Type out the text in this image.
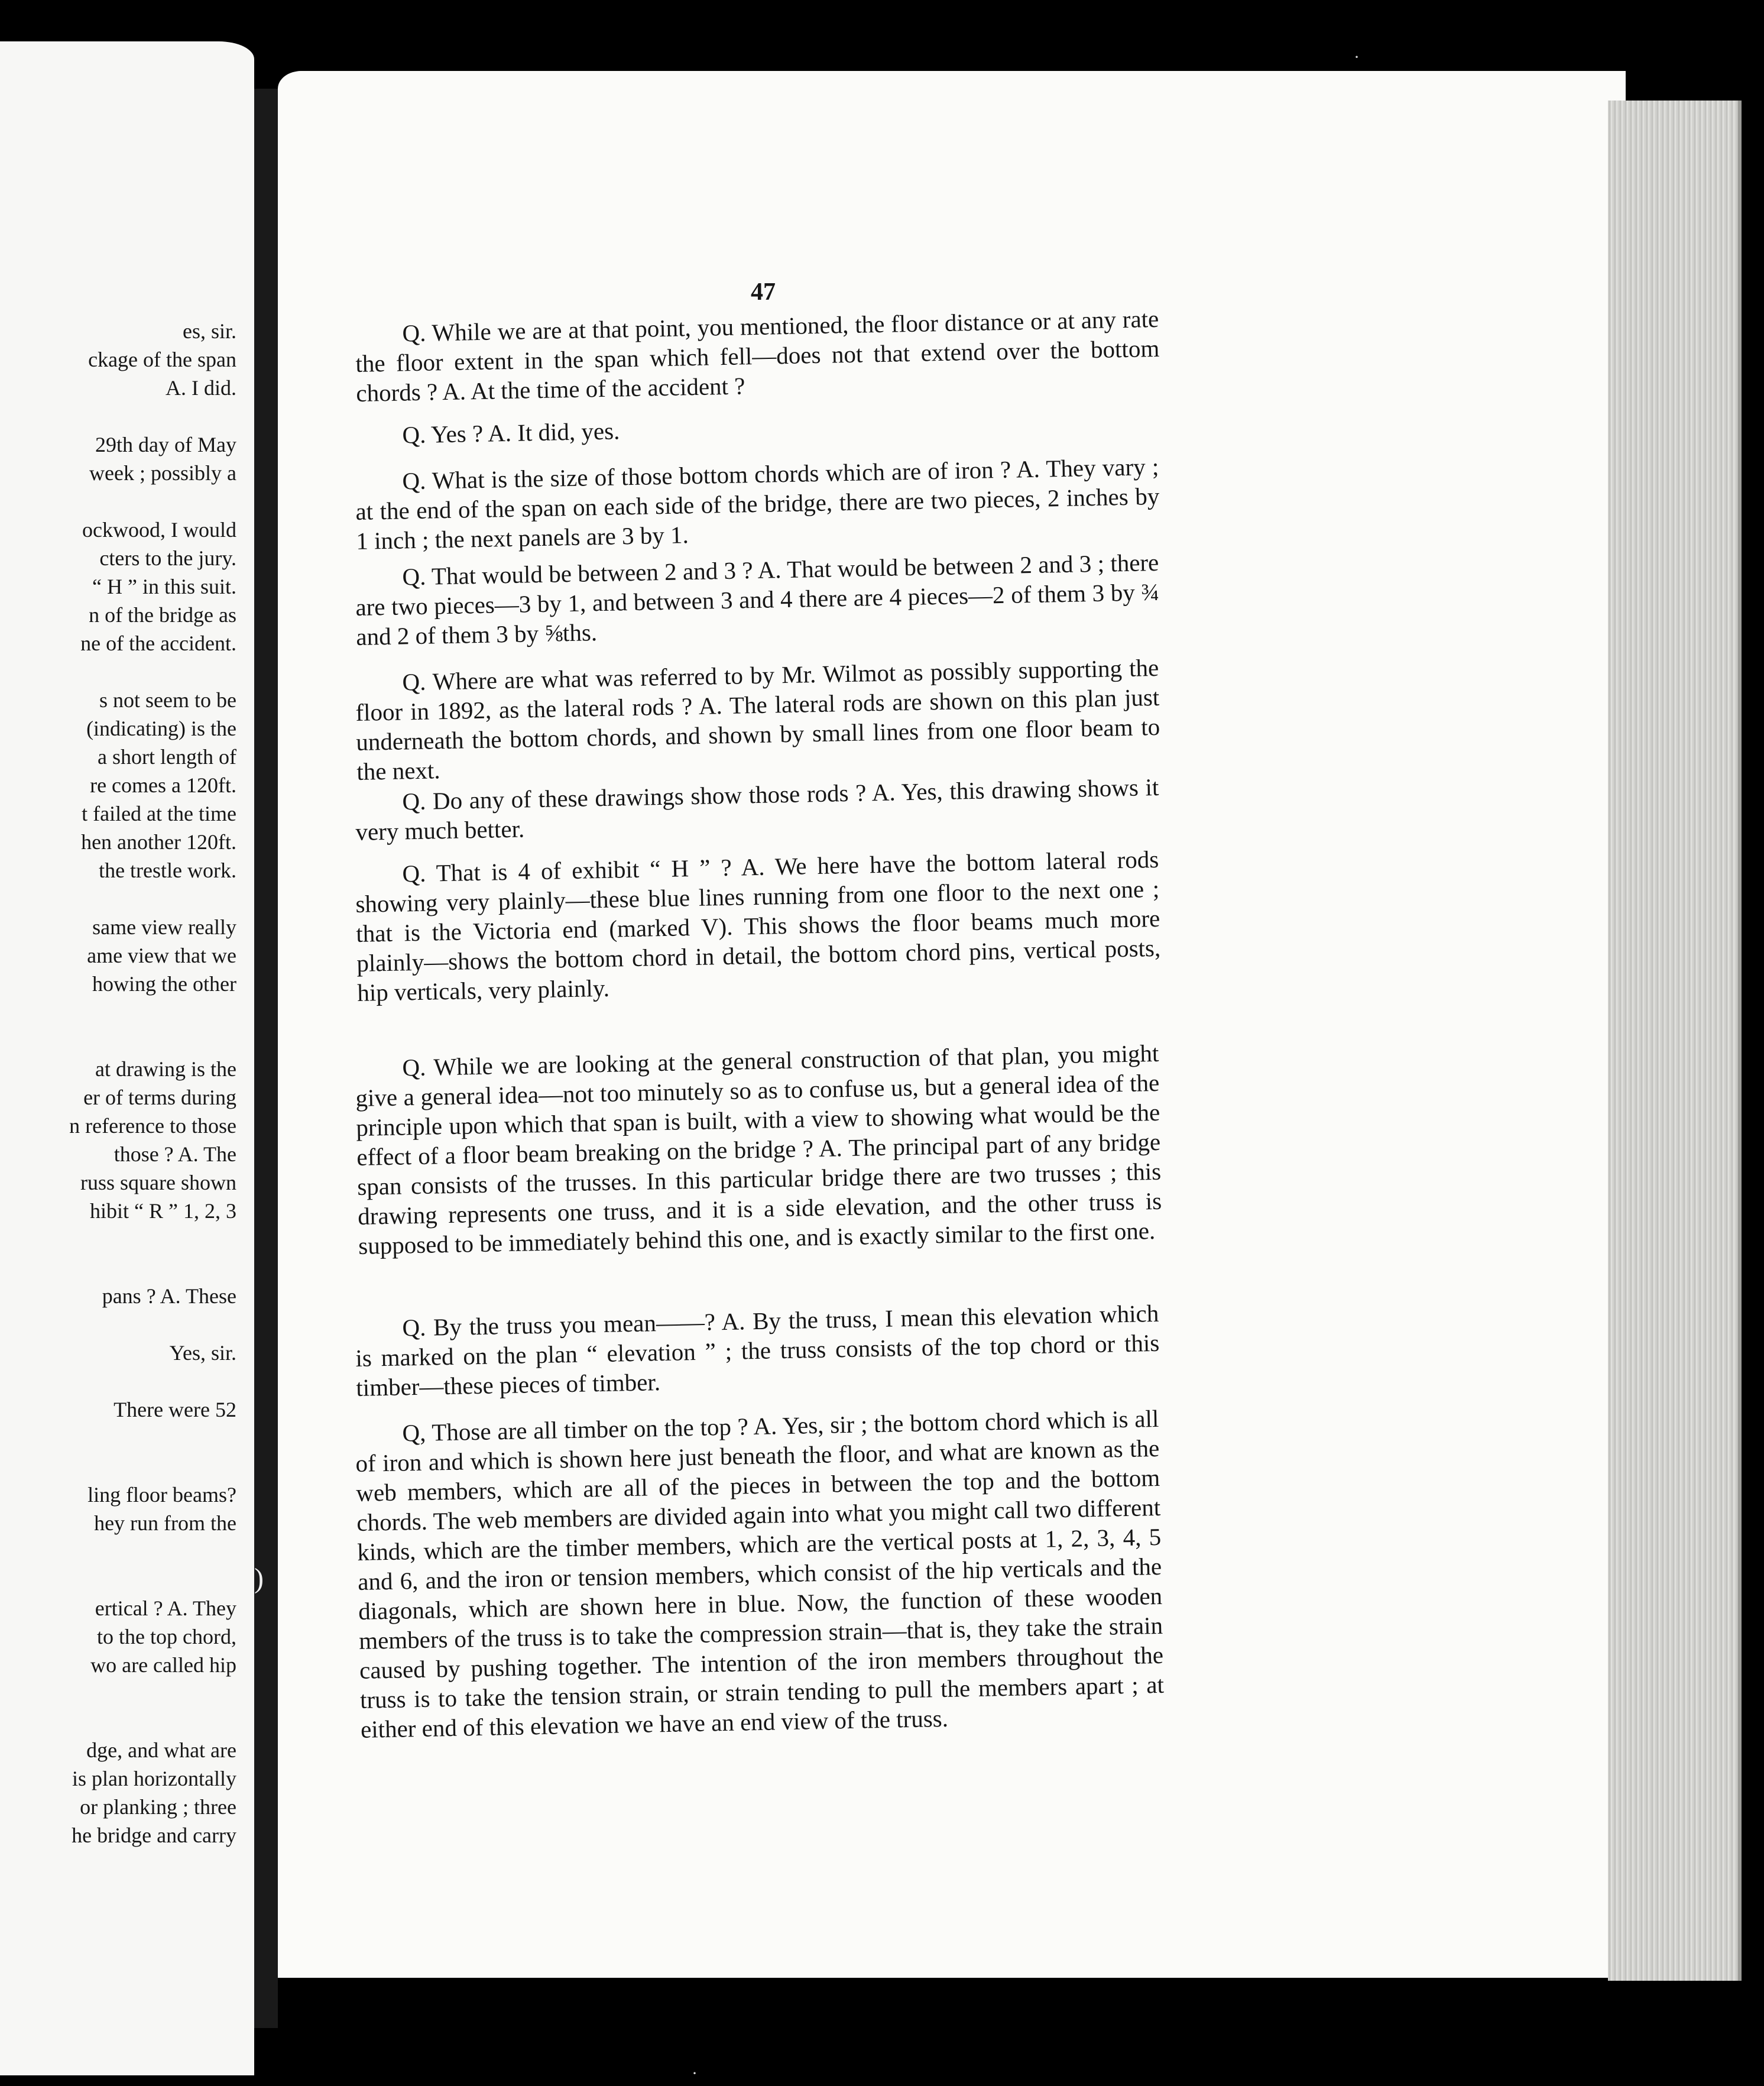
es, sir.
ckage of the span
A. I did.
29th day of May
week ; possibly a
ockwood, I would
cters to the jury.
“ H ” in this suit.
n of the bridge as
ne of the accident.
s not seem to be
(indicating) is the
a short length of
re comes a 120ft.
t failed at the time
hen another 120ft.
the trestle work.
same view really
ame view that we
howing the other
at drawing is the
er of terms during
n reference to those
those ? A. The
russ square shown
hibit “ R ” 1, 2, 3
pans ? A. These
Yes, sir.
There were 52
ling floor beams?
hey run from the
ertical ? A. They
to the top chord,
wo are called hip
dge, and what are
is plan horizontally
or planking ; three
he bridge and carry
)
·
·
47

Q. While we are at that point, you mentioned, the floor distance or at any rate the floor extent in the span which fell—does not that extend over the bottom chords ? A. At the time of the accident ?

Q. Yes ? A. It did, yes.

Q. What is the size of those bottom chords which are of iron ? A. They vary ; at the end of the span on each side of the bridge, there are two pieces, 2 inches by 1 inch ; the next panels are 3 by 1.

Q. That would be between 2 and 3 ? A. That would be between 2 and 3 ; there are two pieces—3 by 1, and between 3 and 4 there are 4 pieces—2 of them 3 by ¾ and 2 of them 3 by ⅝ths.

Q. Where are what was referred to by Mr. Wilmot as possibly supporting the floor in 1892, as the lateral rods ? A. The lateral rods are shown on this plan just underneath the bottom chords, and shown by small lines from one floor beam to the next.

Q. Do any of these drawings show those rods ? A. Yes, this drawing shows it very much better.

Q. That is 4 of exhibit “ H ” ? A. We here have the bottom lateral rods showing very plainly—these blue lines running from one floor to the next one ; that is the Victoria end (marked V). This shows the floor beams much more plainly—shows the bottom chord in detail, the bottom chord pins, vertical posts, hip verticals, very plainly.

Q. While we are looking at the general construction of that plan, you might give a general idea—not too minutely so as to confuse us, but a general idea of the principle upon which that span is built, with a view to showing what would be the effect of a floor beam breaking on the bridge ? A. The principal part of any bridge span consists of the trusses. In this particular bridge there are two trusses ; this drawing represents one truss, and it is a side elevation, and the other truss is supposed to be immediately behind this one, and is exactly similar to the first one.

Q. By the truss you mean——? A. By the truss, I mean this elevation which is marked on the plan “ elevation ” ; the truss consists of the top chord or this timber—these pieces of timber.

Q, Those are all timber on the top ? A. Yes, sir ; the bottom chord which is all of iron and which is shown here just beneath the floor, and what are known as the web members, which are all of the pieces in between the top and the bottom chords. The web members are divided again into what you might call two different kinds, which are the timber members, which are the vertical posts at 1, 2, 3, 4, 5 and 6, and the iron or tension members, which consist of the hip verticals and the diagonals, which are shown here in blue. Now, the function of these wooden members of the truss is to take the compression strain—that is, they take the strain caused by pushing together. The intention of the iron members throughout the truss is to take the tension strain, or strain tending to pull the members apart ; at either end of this elevation we have an end view of the truss.
